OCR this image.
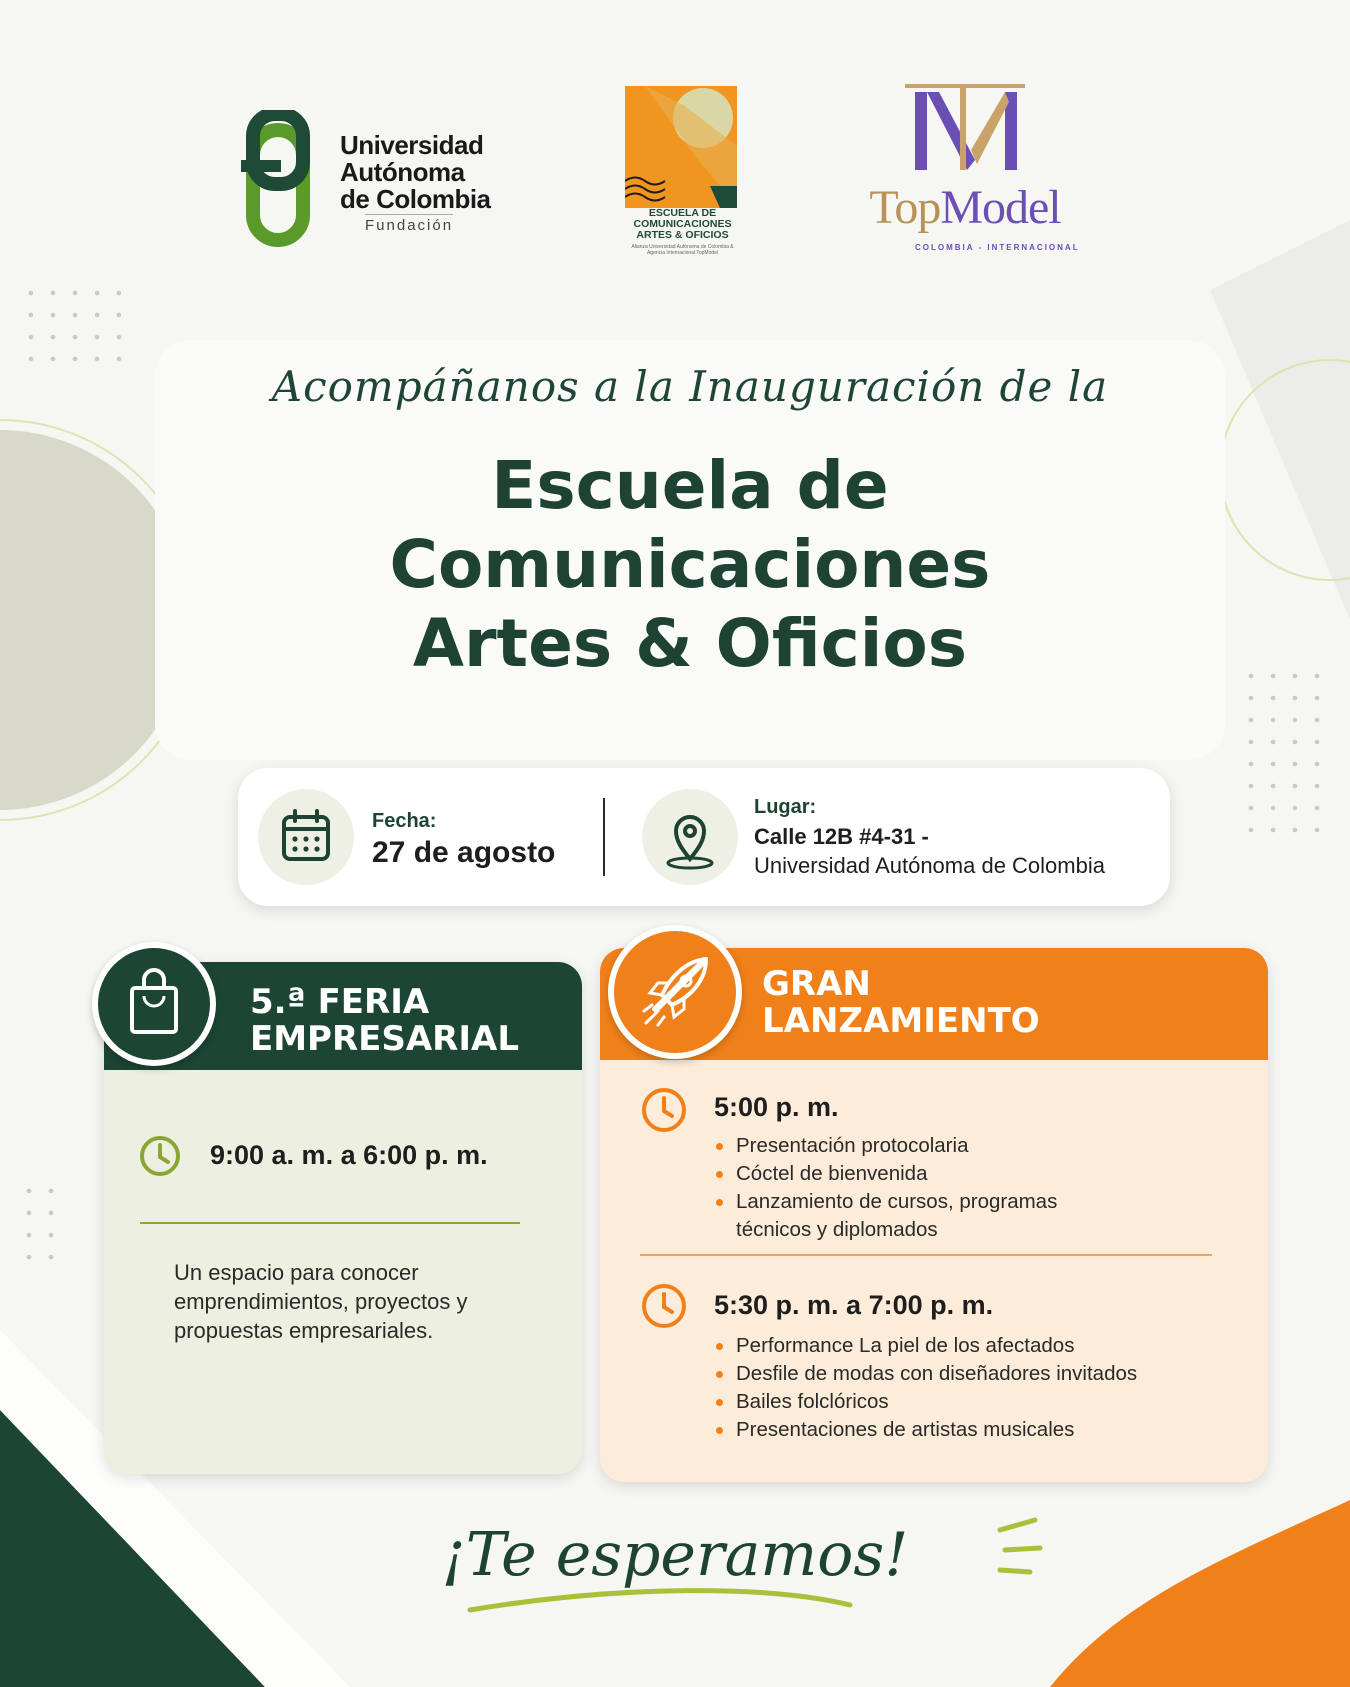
Universidad
Autónoma
de Colombia
Fundación
ESCUELA DE COMUNICACIONES ARTES & OFICIOS
Alianza Universidad Autónoma de Colombia & Agencia Internacional TopModel
TopModel
COLOMBIA - INTERNACIONAL
Acompáñanos a la Inauguración de la
Escuela de
Comunicaciones
Artes & Oficios
Fecha:
27 de agosto
Lugar:
Calle 12B #4-31 -
Universidad Autónoma de Colombia
5.ª FERIA
EMPRESARIAL
9:00 a. m. a 6:00 p. m.
Un espacio para conocer emprendimientos, proyectos y propuestas empresariales.
GRAN
LANZAMIENTO
5:00 p. m.
Presentación protocolaria
Cóctel de bienvenida
Lanzamiento de cursos, programas técnicos y diplomados
5:30 p. m. a 7:00 p. m.
Performance La piel de los afectados
Desfile de modas con diseñadores invitados
Bailes folclóricos
Presentaciones de artistas musicales
¡Te esperamos!
